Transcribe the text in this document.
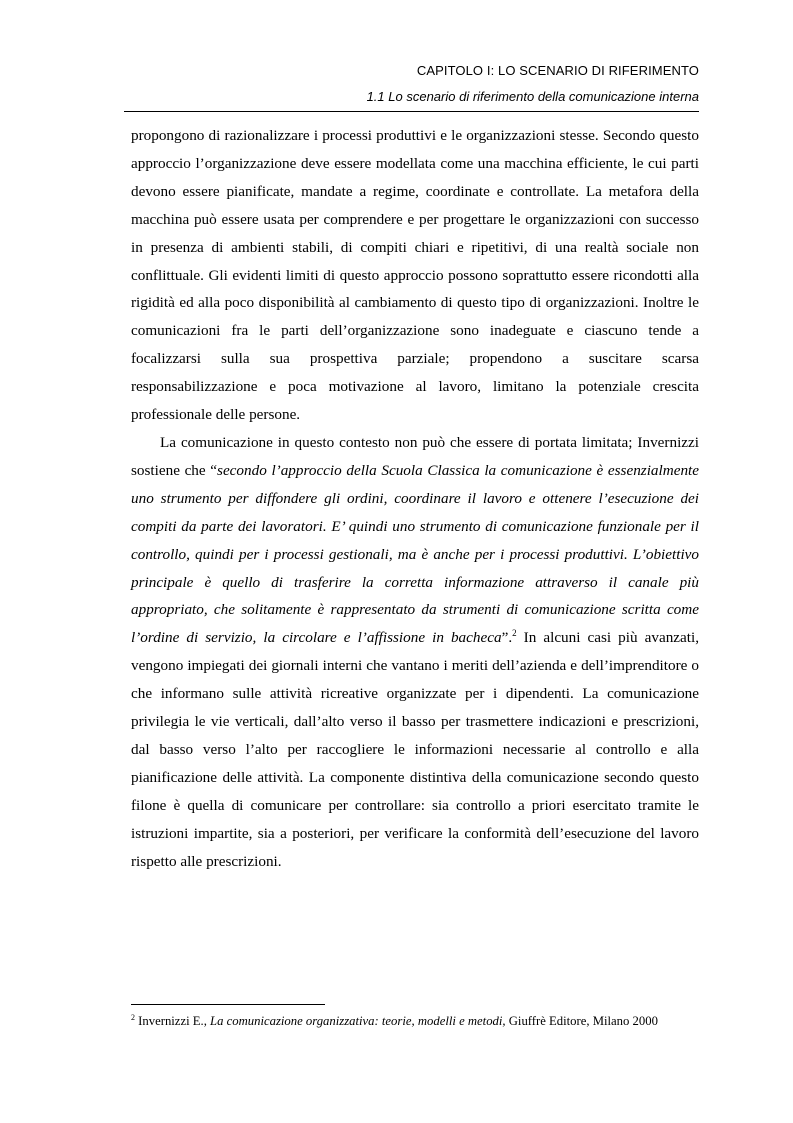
CAPITOLO I: LO SCENARIO DI RIFERIMENTO
1.1 Lo scenario di riferimento della comunicazione interna

propongono di razionalizzare i processi produttivi e le organizzazioni stesse. Secondo questo approccio l’organizzazione deve essere modellata come una macchina efficiente, le cui parti devono essere pianificate, mandate a regime, coordinate e controllate. La metafora della macchina può essere usata per comprendere e per progettare le organizzazioni con successo in presenza di ambienti stabili, di compiti chiari e ripetitivi, di una realtà sociale non conflittuale. Gli evidenti limiti di questo approccio possono soprattutto essere ricondotti alla rigidità ed alla poco disponibilità al cambiamento di questo tipo di organizzazioni. Inoltre le comunicazioni fra le parti dell’organizzazione sono inadeguate e ciascuno tende a focalizzarsi sulla sua prospettiva parziale; propendono a suscitare scarsa responsabilizzazione e poca motivazione al lavoro, limitano la potenziale crescita professionale delle persone.

La comunicazione in questo contesto non può che essere di portata limitata; Invernizzi sostiene che “secondo l’approccio della Scuola Classica la comunicazione è essenzialmente uno strumento per diffondere gli ordini, coordinare il lavoro e ottenere l’esecuzione dei compiti da parte dei lavoratori. E’ quindi uno strumento di comunicazione funzionale per il controllo, quindi per i processi gestionali, ma è anche per i processi produttivi. L’obiettivo principale è quello di trasferire la corretta informazione attraverso il canale più appropriato, che solitamente è rappresentato da strumenti di comunicazione scritta come l’ordine di servizio, la circolare e l’affissione in bacheca”.$^2$ In alcuni casi più avanzati, vengono impiegati dei giornali interni che vantano i meriti dell’azienda e dell’imprenditore o che informano sulle attività ricreative organizzate per i dipendenti. La comunicazione privilegia le vie verticali, dall’alto verso il basso per trasmettere indicazioni e prescrizioni, dal basso verso l’alto per raccogliere le informazioni necessarie al controllo e alla pianificazione delle attività. La componente distintiva della comunicazione secondo questo filone è quella di comunicare per controllare: sia controllo a priori esercitato tramite le istruzioni impartite, sia a posteriori, per verificare la conformità dell’esecuzione del lavoro rispetto alle prescrizioni.

$^2$ Invernizzi E., La comunicazione organizzativa: teorie, modelli e metodi, Giuffrè Editore, Milano 2000
